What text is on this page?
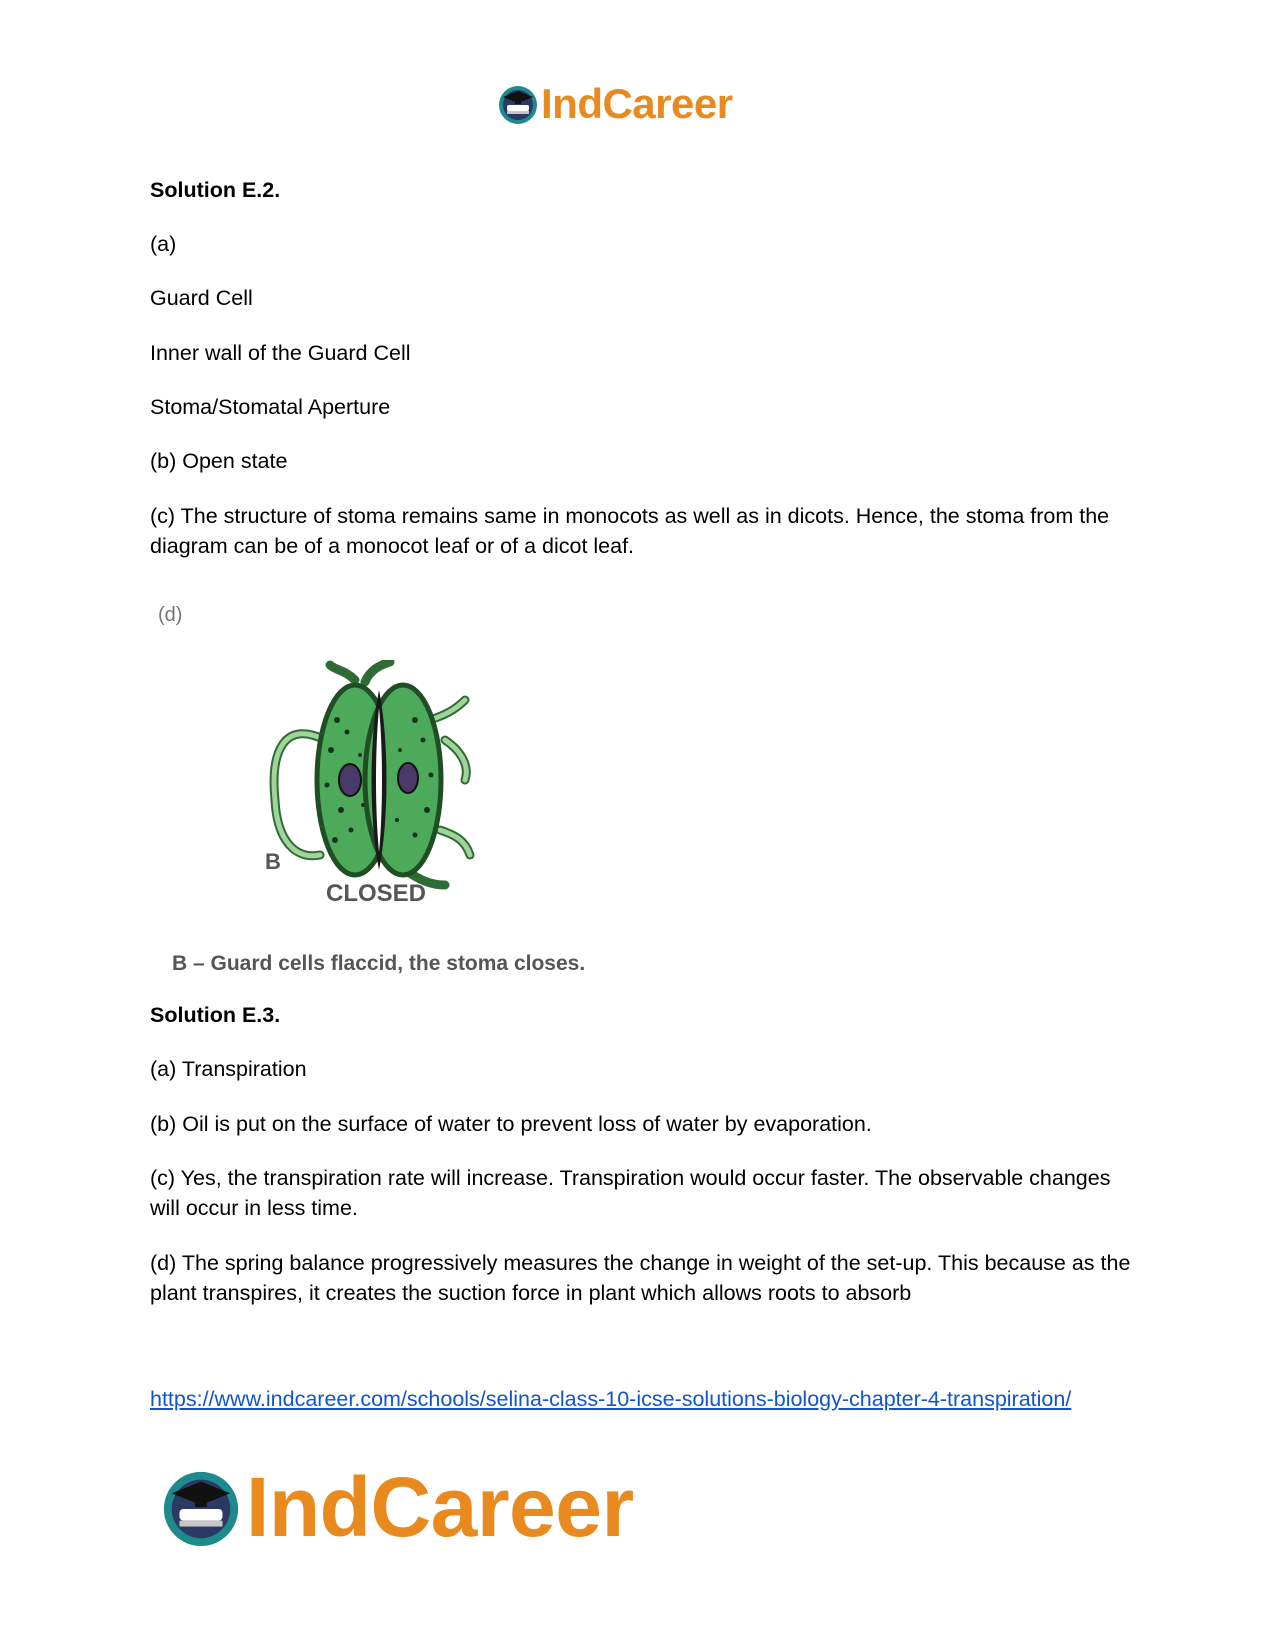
IndCareer
Solution E.2.
(a)
Guard Cell
Inner wall of the Guard Cell
Stoma/Stomatal Aperture
(b) Open state
(c) The structure of stoma remains same in monocots as well as in dicots. Hence, the stoma from the diagram can be of a monocot leaf or of a dicot leaf.
(d)
B
CLOSED
B – Guard cells flaccid, the stoma closes.
Solution E.3.
(a) Transpiration
(b) Oil is put on the surface of water to prevent loss of water by evaporation.
(c) Yes, the transpiration rate will increase. Transpiration would occur faster. The observable changes will occur in less time.
(d) The spring balance progressively measures the change in weight of the set-up. This because as the plant transpires, it creates the suction force in plant which allows roots to absorb
https://www.indcareer.com/schools/selina-class-10-icse-solutions-biology-chapter-4-transpiration/
IndCareer
